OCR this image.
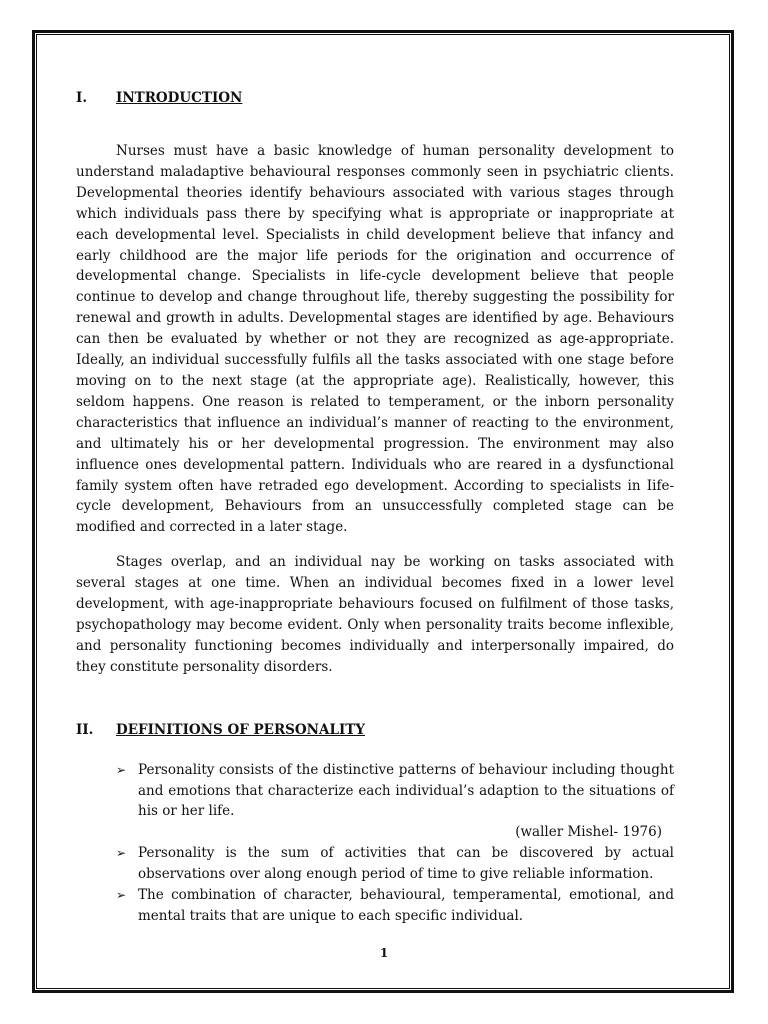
I.	INTRODUCTION

Nurses must have a basic knowledge of human personality development to understand maladaptive behavioural responses commonly seen in psychiatric clients. Developmental theories identify behaviours associated with various stages through which individuals pass there by specifying what is appropriate or inappropriate at each developmental level. Specialists in child development believe that infancy and early childhood are the major life periods for the origination and occurrence of developmental change. Specialists in life-cycle development believe that people continue to develop and change throughout life, thereby suggesting the possibility for renewal and growth in adults. Developmental stages are identified by age. Behaviours can then be evaluated by whether or not they are recognized as age-appropriate. Ideally, an individual successfully fulfils all the tasks associated with one stage before moving on to the next stage (at the appropriate age). Realistically, however, this seldom happens. One reason is related to temperament, or the inborn personality characteristics that influence an individual’s manner of reacting to the environment, and ultimately his or her developmental progression. The environment may also influence ones developmental pattern. Individuals who are reared in a dysfunctional family system often have retraded ego development. According to specialists in Iife-cycle development, Behaviours from an unsuccessfully completed stage can be modified and corrected in a later stage.

Stages overlap, and an individual nay be working on tasks associated with several stages at one time. When an individual becomes fixed in a lower level development, with age-inappropriate behaviours focused on fulfilment of those tasks, psychopathology may become evident. Only when personality traits become inflexible, and personality functioning becomes individually and interpersonally impaired, do they constitute personality disorders.

II.	DEFINITIONS OF PERSONALITY
➢ Personality consists of the distinctive patterns of behaviour including thought and emotions that characterize each individual’s adaption to the situations of his or her life.
(waller Mishel- 1976)
➢ Personality is the sum of activities that can be discovered by actual observations over along enough period of time to give reliable information.
➢ The combination of character, behavioural, temperamental, emotional, and mental traits that are unique to each specific individual.
1
